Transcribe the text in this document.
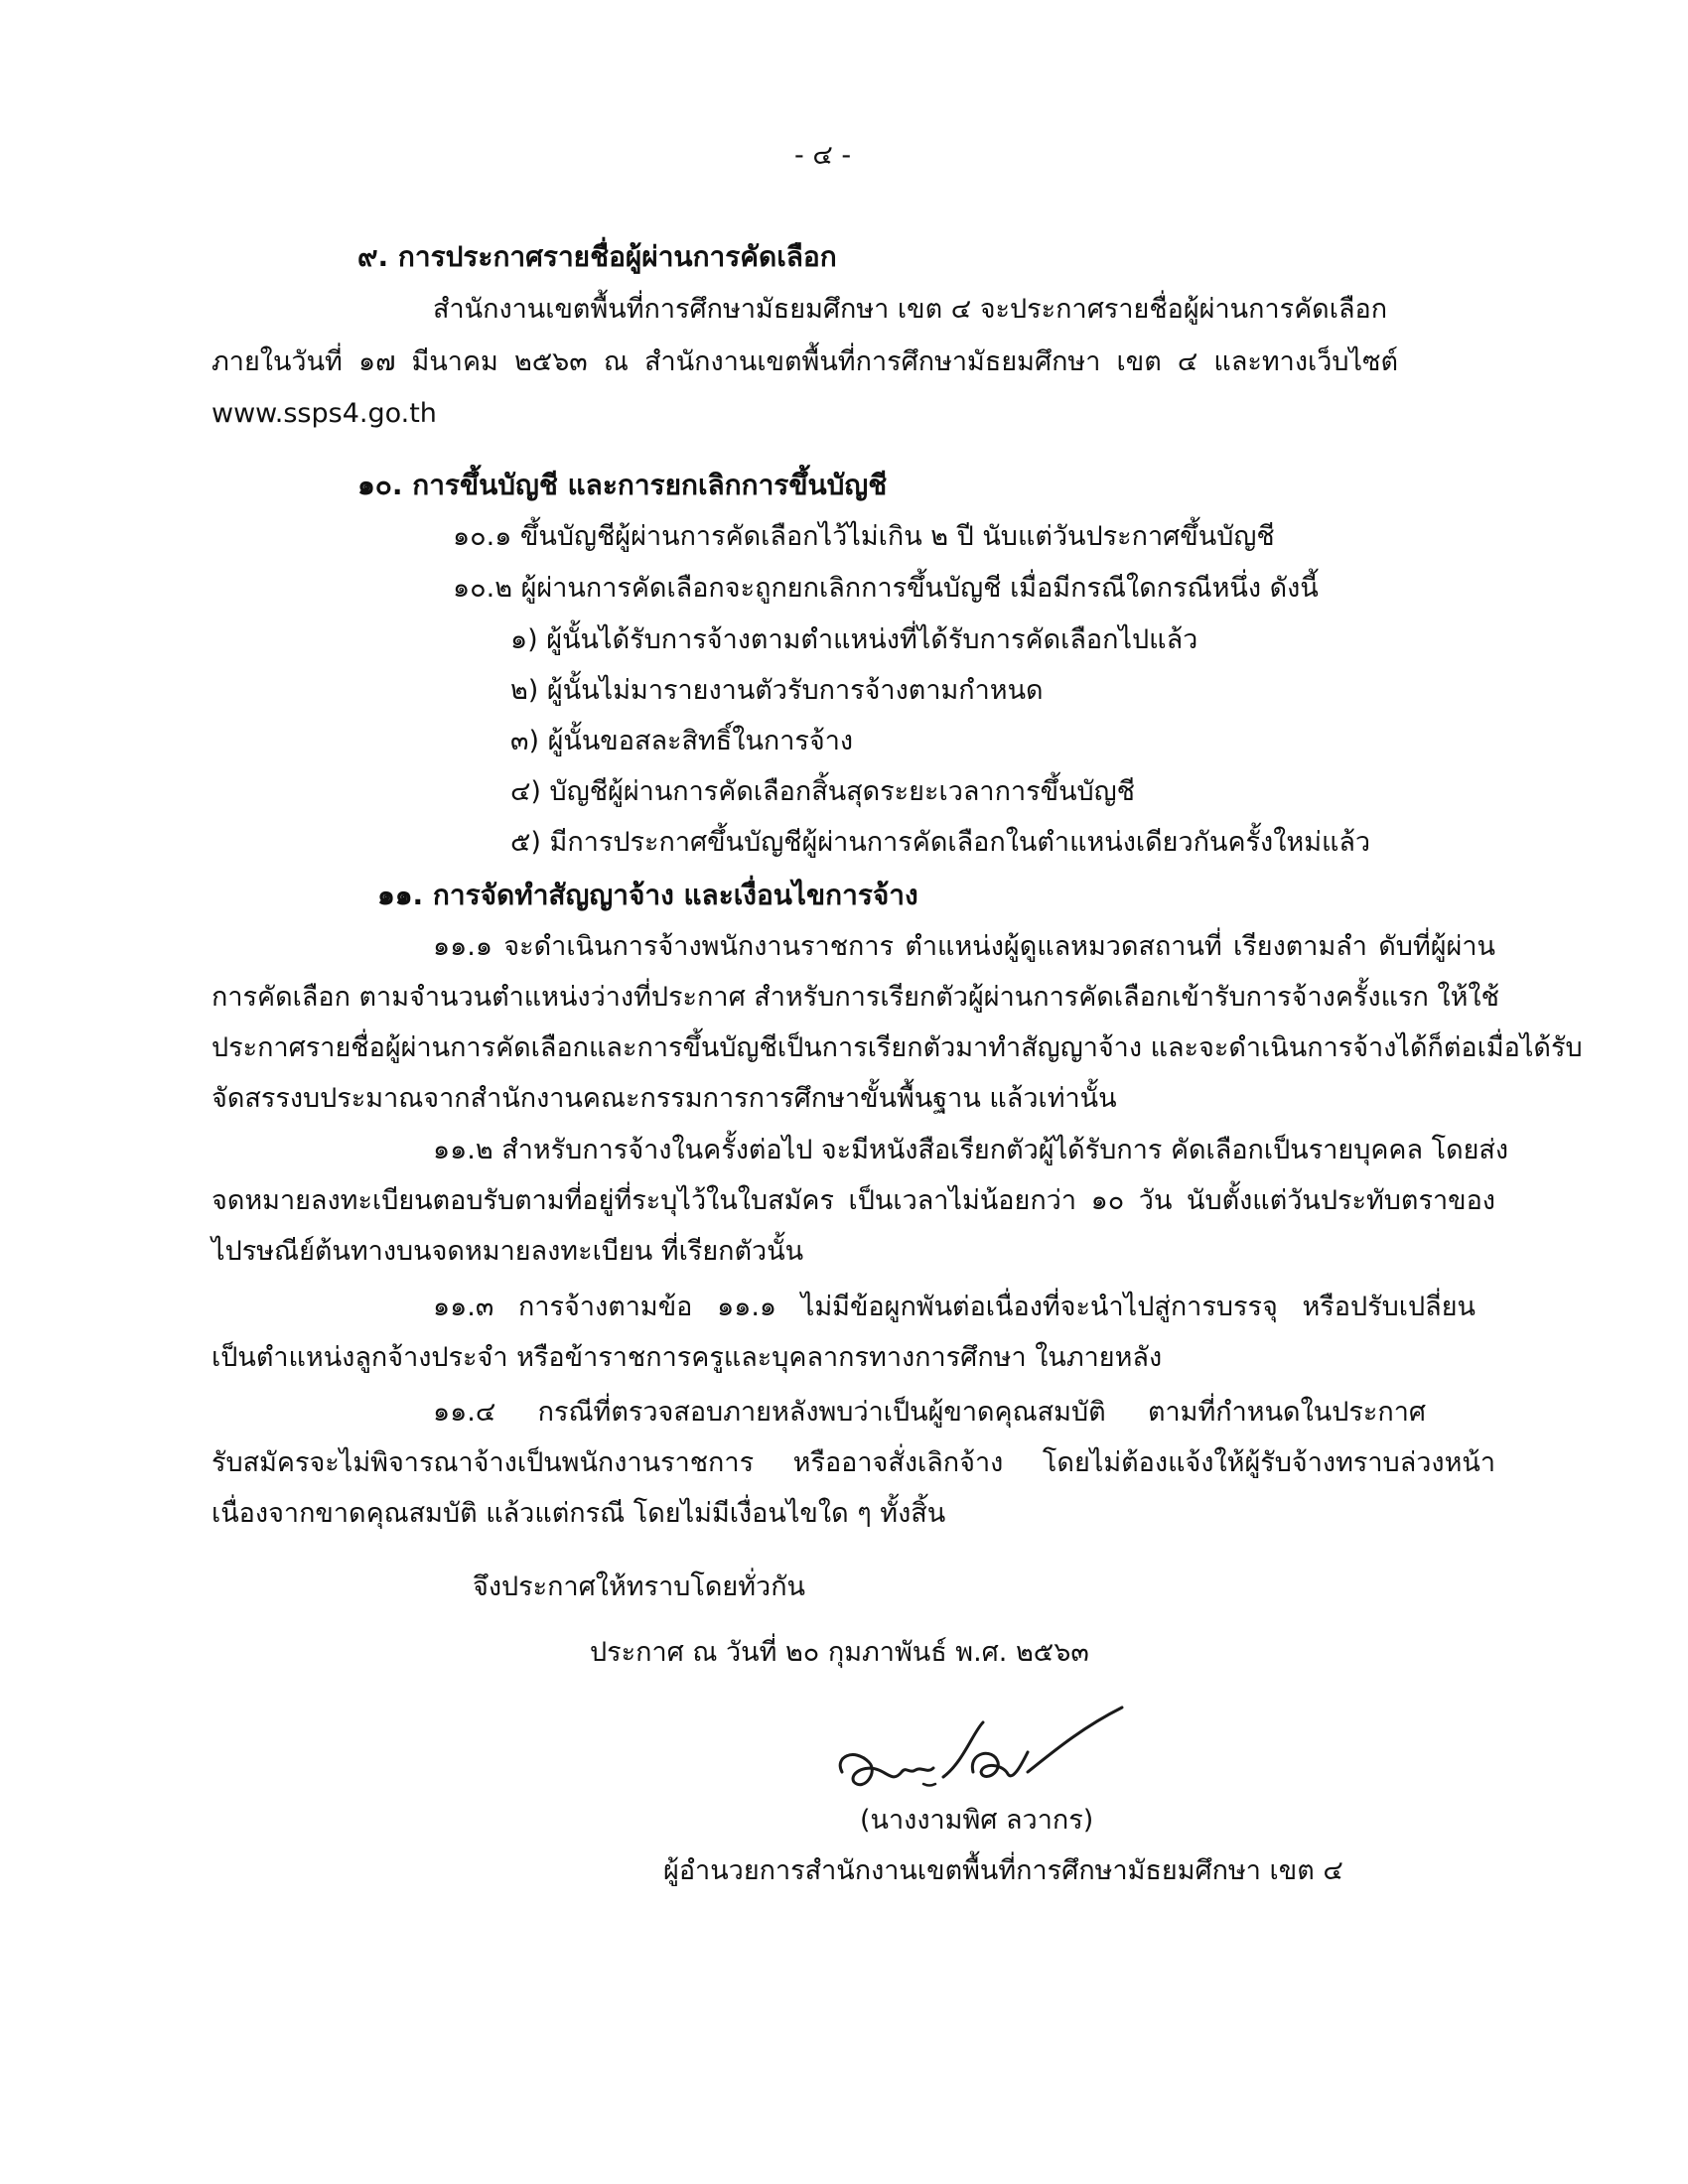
- ๔ -
๙. การประกาศรายชื่อผู้ผ่านการคัดเลือก
สำนักงานเขตพื้นที่การศึกษามัธยมศึกษา เขต ๔ จะประกาศรายชื่อผู้ผ่านการคัดเลือก
ภายในวันที่ ๑๗ มีนาคม ๒๕๖๓ ณ สำนักงานเขตพื้นที่การศึกษามัธยมศึกษา เขต ๔ และทางเว็บไซต์
www.ssps4.go.th
๑๐. การขึ้นบัญชี และการยกเลิกการขึ้นบัญชี
๑๐.๑ ขึ้นบัญชีผู้ผ่านการคัดเลือกไว้ไม่เกิน ๒ ปี นับแต่วันประกาศขึ้นบัญชี
๑๐.๒ ผู้ผ่านการคัดเลือกจะถูกยกเลิกการขึ้นบัญชี เมื่อมีกรณีใดกรณีหนึ่ง ดังนี้
๑) ผู้นั้นได้รับการจ้างตามตำแหน่งที่ได้รับการคัดเลือกไปแล้ว
๒) ผู้นั้นไม่มารายงานตัวรับการจ้างตามกำหนด
๓) ผู้นั้นขอสละสิทธิ์ในการจ้าง
๔) บัญชีผู้ผ่านการคัดเลือกสิ้นสุดระยะเวลาการขึ้นบัญชี
๕) มีการประกาศขึ้นบัญชีผู้ผ่านการคัดเลือกในตำแหน่งเดียวกันครั้งใหม่แล้ว
๑๑. การจัดทำสัญญาจ้าง และเงื่อนไขการจ้าง
๑๑.๑ จะดำเนินการจ้างพนักงานราชการ ตำแหน่งผู้ดูแลหมวดสถานที่ เรียงตามลำ ดับที่ผู้ผ่าน
การคัดเลือก ตามจำนวนตำแหน่งว่างที่ประกาศ สำหรับการเรียกตัวผู้ผ่านการคัดเลือกเข้ารับการจ้างครั้งแรก ให้ใช้
ประกาศรายชื่อผู้ผ่านการคัดเลือกและการขึ้นบัญชีเป็นการเรียกตัวมาทำสัญญาจ้าง และจะดำเนินการจ้างได้ก็ต่อเมื่อได้รับ
จัดสรรงบประมาณจากสำนักงานคณะกรรมการการศึกษาขั้นพื้นฐาน แล้วเท่านั้น
๑๑.๒ สำหรับการจ้างในครั้งต่อไป จะมีหนังสือเรียกตัวผู้ได้รับการ คัดเลือกเป็นรายบุคคล โดยส่ง
จดหมายลงทะเบียนตอบรับตามที่อยู่ที่ระบุไว้ในใบสมัคร เป็นเวลาไม่น้อยกว่า ๑๐ วัน นับตั้งแต่วันประทับตราของ
ไปรษณีย์ต้นทางบนจดหมายลงทะเบียน ที่เรียกตัวนั้น
๑๑.๓ การจ้างตามข้อ ๑๑.๑ ไม่มีข้อผูกพันต่อเนื่องที่จะนำไปสู่การบรรจุ หรือปรับเปลี่ยน
เป็นตำแหน่งลูกจ้างประจำ หรือข้าราชการครูและบุคลากรทางการศึกษา ในภายหลัง
๑๑.๔ กรณีที่ตรวจสอบภายหลังพบว่าเป็นผู้ขาดคุณสมบัติ ตามที่กำหนดในประกาศ
รับสมัครจะไม่พิจารณาจ้างเป็นพนักงานราชการ หรืออาจสั่งเลิกจ้าง โดยไม่ต้องแจ้งให้ผู้รับจ้างทราบล่วงหน้า
เนื่องจากขาดคุณสมบัติ แล้วแต่กรณี โดยไม่มีเงื่อนไขใด ๆ ทั้งสิ้น
จึงประกาศให้ทราบโดยทั่วกัน
ประกาศ ณ วันที่ ๒๐ กุมภาพันธ์ พ.ศ. ๒๕๖๓
(นางงามพิศ ลวากร)
ผู้อำนวยการสำนักงานเขตพื้นที่การศึกษามัธยมศึกษา เขต ๔
